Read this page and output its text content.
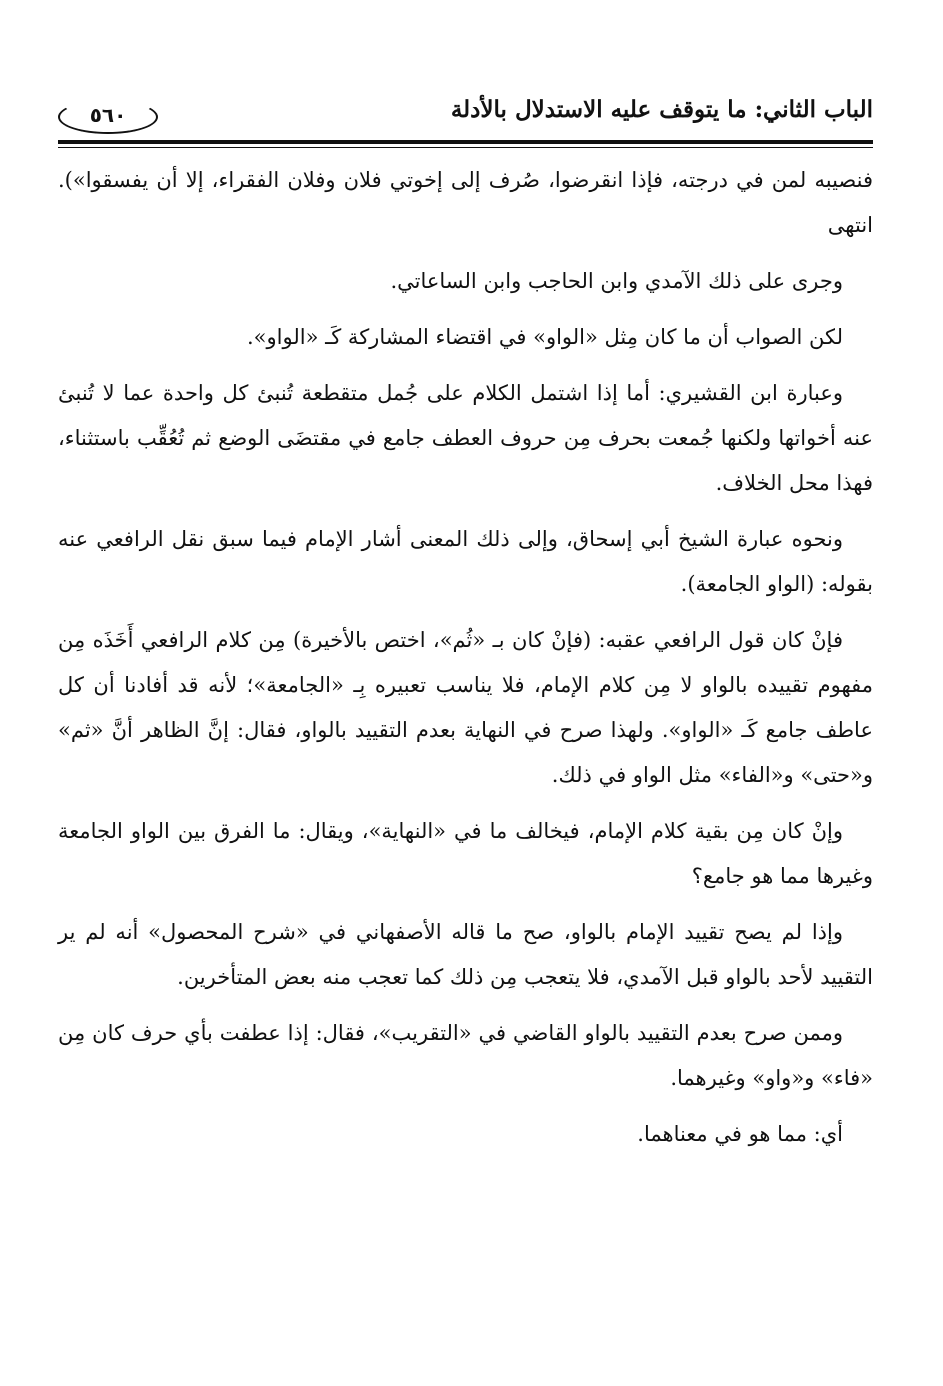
الباب الثاني: ما يتوقف عليه الاستدلال بالأدلة
٥٦٠

فنصيبه لمن في درجته، فإذا انقرضوا، صُرف إلى إخوتي فلان وفلان الفقراء، إلا أن يفسقوا»). انتهى

وجرى على ذلك الآمدي وابن الحاجب وابن الساعاتي.

لكن الصواب أن ما كان مِثل «الواو» في اقتضاء المشاركة كَـ «الواو».

وعبارة ابن القشيري: أما إذا اشتمل الكلام على جُمل متقطعة تُنبئ كل واحدة عما لا تُنبئ عنه أخواتها ولكنها جُمعت بحرف مِن حروف العطف جامع في مقتضَى الوضع ثم تُعُقِّب باستثناء، فهذا محل الخلاف.

ونحوه عبارة الشيخ أبي إسحاق، وإلى ذلك المعنى أشار الإمام فيما سبق نقل الرافعي عنه بقوله: (الواو الجامعة).

فإنْ كان قول الرافعي عقبه: (فإنْ كان بـ «ثُم»، اختص بالأخيرة) مِن كلام الرافعي أَخَذَه مِن مفهوم تقييده بالواو لا مِن كلام الإمام، فلا يناسب تعبيره بِـ «الجامعة»؛ لأنه قد أفادنا أن كل عاطف جامع كَـ «الواو». ولهذا صرح في النهاية بعدم التقييد بالواو، فقال: إنَّ الظاهر أنَّ «ثم» و«حتى» و«الفاء» مثل الواو في ذلك.

وإنْ كان مِن بقية كلام الإمام، فيخالف ما في «النهاية»، ويقال: ما الفرق بين الواو الجامعة وغيرها مما هو جامع؟

وإذا لم يصح تقييد الإمام بالواو، صح ما قاله الأصفهاني في «شرح المحصول» أنه لم ير التقييد لأحد بالواو قبل الآمدي، فلا يتعجب مِن ذلك كما تعجب منه بعض المتأخرين.

وممن صرح بعدم التقييد بالواو القاضي في «التقريب»، فقال: إذا عطفت بأي حرف كان مِن «فاء» و«واو» وغيرهما.

أي: مما هو في معناهما.
